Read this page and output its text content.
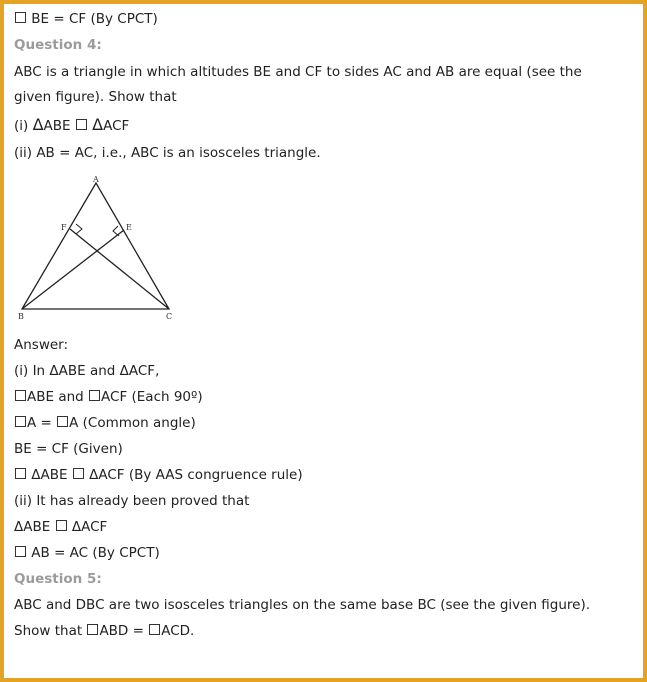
BE = CF (By CPCT)
Question 4:
ABC is a triangle in which altitudes BE and CF to sides AC and AB are equal (see the
given figure). Show that
(i) ΔABE ΔACF
(ii) AB = AC, i.e., ABC is an isosceles triangle.
A
B	C
E
F
Answer:
(i) In ΔABE and ΔACF,
ABE and ACF (Each 90º)
A = A (Common angle)
BE = CF (Given)
ΔABE  ΔACF (By AAS congruence rule)
(ii) It has already been proved that
ΔABE  ΔACF
AB = AC (By CPCT)
Question 5:
ABC and DBC are two isosceles triangles on the same base BC (see the given figure).
Show that ABD = ACD.
